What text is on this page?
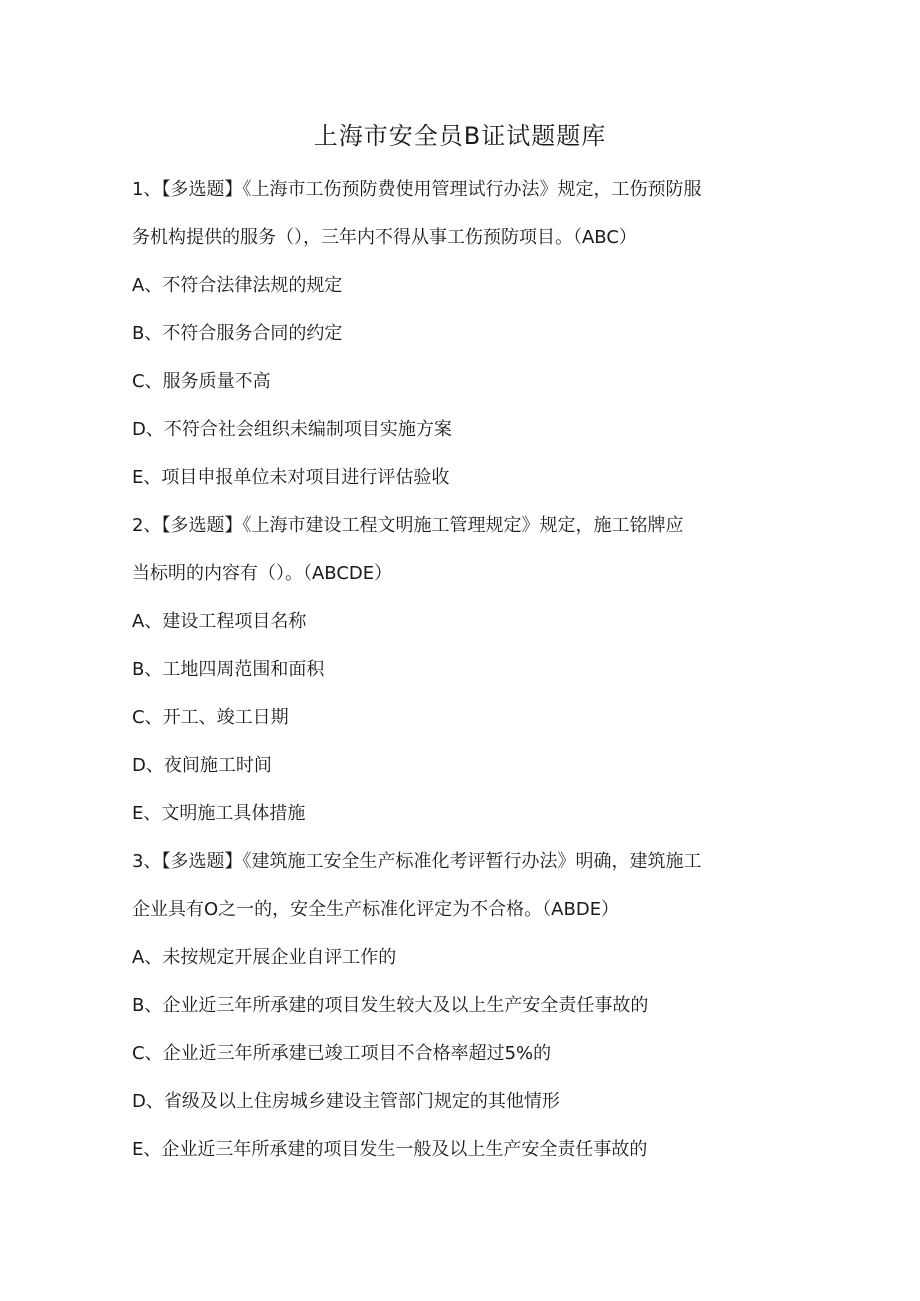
上海市安全员B证试题题库
1、【多选题】《上海市工伤预防费使用管理试行办法》规定，工伤预防服
务机构提供的服务（），三年内不得从事工伤预防项目。（ABC）
A、不符合法律法规的规定
B、不符合服务合同的约定
C、服务质量不高
D、不符合社会组织未编制项目实施方案
E、项目申报单位未对项目进行评估验收
2、【多选题】《上海市建设工程文明施工管理规定》规定，施工铭牌应
当标明的内容有（）。（ABCDE）
A、建设工程项目名称
B、工地四周范围和面积
C、开工、竣工日期
D、夜间施工时间
E、文明施工具体措施
3、【多选题】《建筑施工安全生产标准化考评暂行办法》明确，建筑施工
企业具有O之一的，安全生产标准化评定为不合格。（ABDE）
A、未按规定开展企业自评工作的
B、企业近三年所承建的项目发生较大及以上生产安全责任事故的
C、企业近三年所承建已竣工项目不合格率超过5%的
D、省级及以上住房城乡建设主管部门规定的其他情形
E、企业近三年所承建的项目发生一般及以上生产安全责任事故的
